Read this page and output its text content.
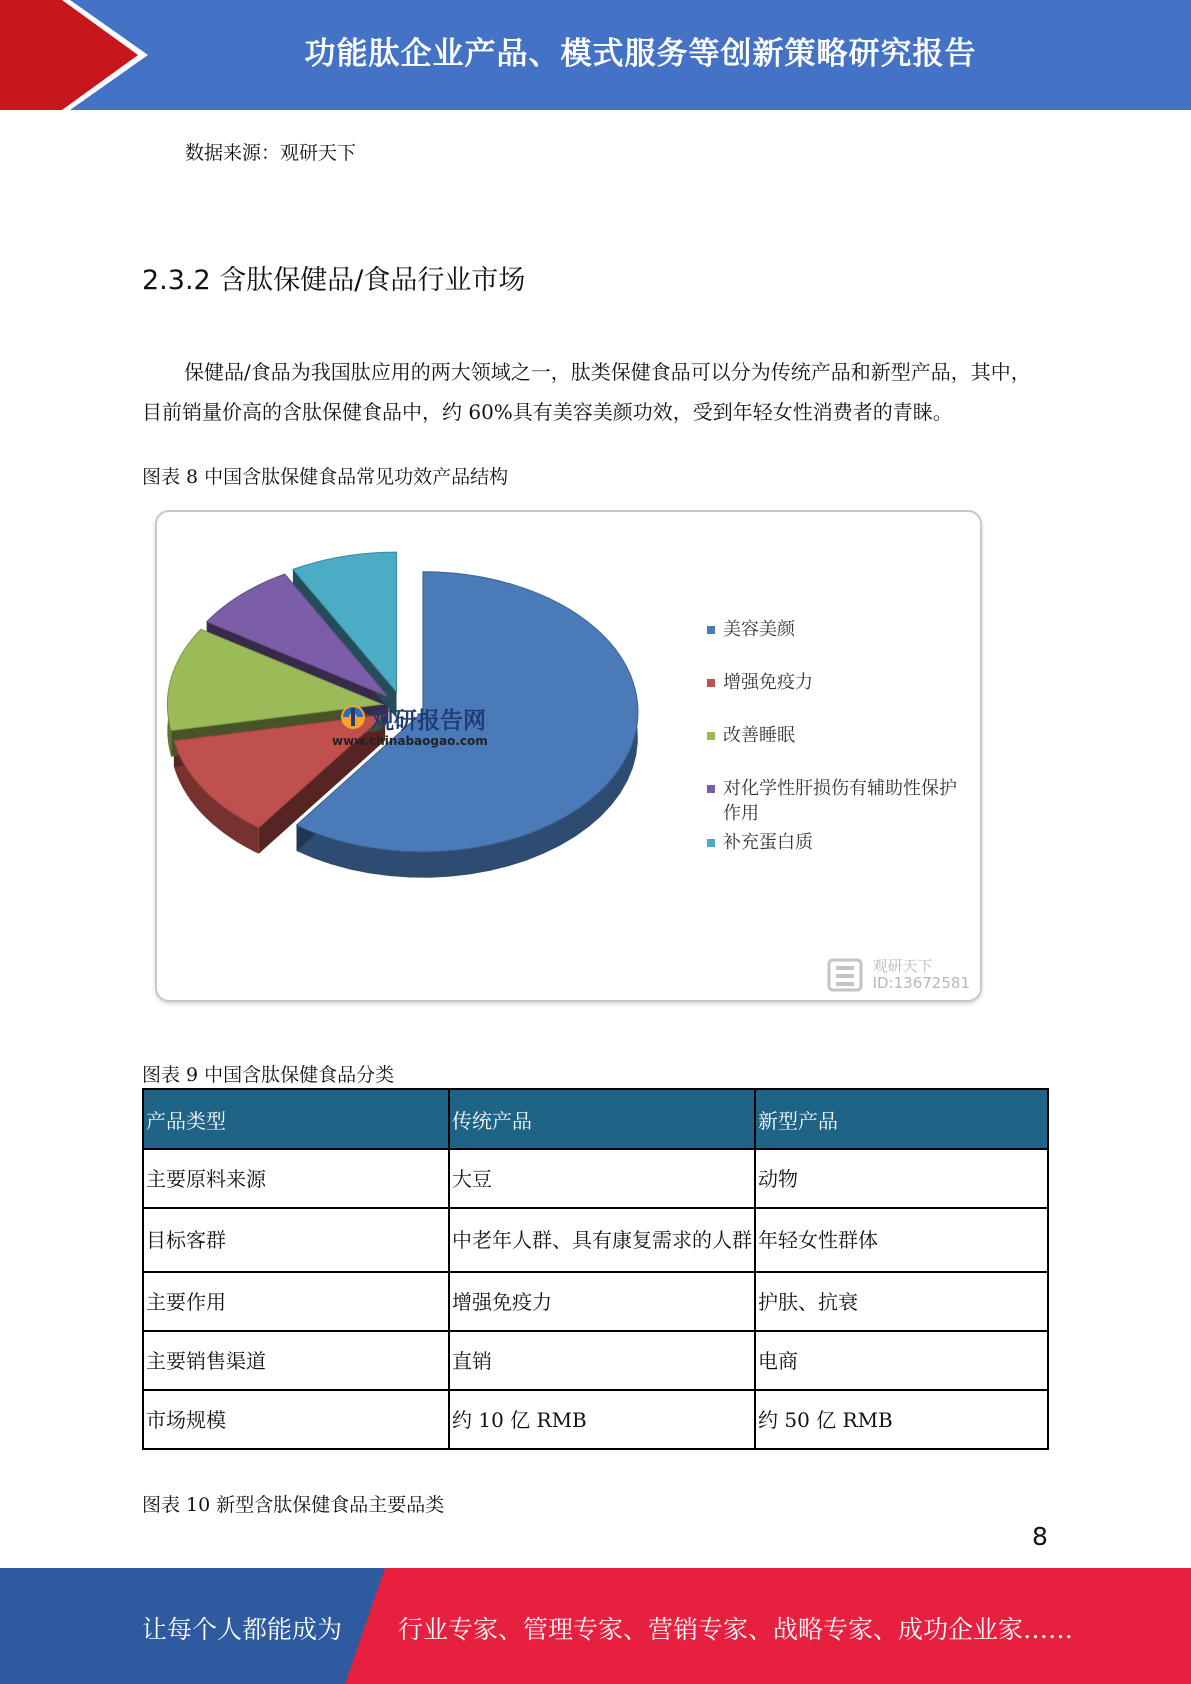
功能肽企业产品、模式服务等创新策略研究报告
数据来源：观研天下
2.3.2 含肽保健品/食品行业市场
保健品/食品为我国肽应用的两大领域之一，肽类保健食品可以分为传统产品和新型产品，其中，目前销量价高的含肽保健食品中，约 60%具有美容美颜功效，受到年轻女性消费者的青睐。
图表 8 中国含肽保健食品常见功效产品结构
观研报告网
www.chinabaogao.com
美容美颜
增强免疫力
改善睡眠
对化学性肝损伤有辅助性保护作用
补充蛋白质
观研天下
ID:13672581
图表 9 中国含肽保健食品分类
产品类型	传统产品	新型产品
主要原料来源	大豆	动物
目标客群	中老年人群、具有康复需求的人群	年轻女性群体
主要作用	增强免疫力	护肤、抗衰
主要销售渠道	直销	电商
市场规模	约 10 亿 RMB	约 50 亿 RMB
图表 10 新型含肽保健食品主要品类
8
让每个人都能成为 行业专家、管理专家、营销专家、战略专家、成功企业家……
